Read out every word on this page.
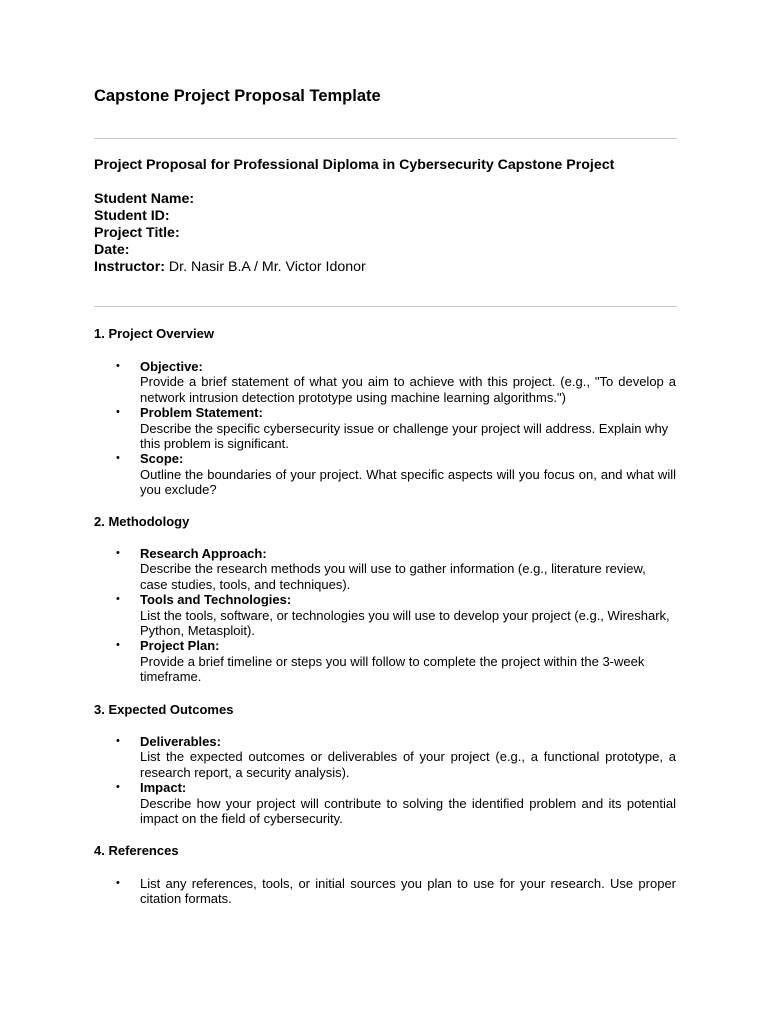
Capstone Project Proposal Template
Project Proposal for Professional Diploma in Cybersecurity Capstone Project
Student Name:
Student ID:
Project Title:
Date:
Instructor: Dr. Nasir B.A / Mr. Victor Idonor
1. Project Overview
• Objective:
Provide a brief statement of what you aim to achieve with this project. (e.g., "To develop a network intrusion detection prototype using machine learning algorithms.")
• Problem Statement:
Describe the specific cybersecurity issue or challenge your project will address. Explain why this problem is significant.
• Scope:
Outline the boundaries of your project. What specific aspects will you focus on, and what will you exclude?
2. Methodology
• Research Approach:
Describe the research methods you will use to gather information (e.g., literature review, case studies, tools, and techniques).
• Tools and Technologies:
List the tools, software, or technologies you will use to develop your project (e.g., Wireshark, Python, Metasploit).
• Project Plan:
Provide a brief timeline or steps you will follow to complete the project within the 3-week timeframe.
3. Expected Outcomes
• Deliverables:
List the expected outcomes or deliverables of your project (e.g., a functional prototype, a research report, a security analysis).
• Impact:
Describe how your project will contribute to solving the identified problem and its potential impact on the field of cybersecurity.
4. References
• List any references, tools, or initial sources you plan to use for your research. Use proper citation formats.
